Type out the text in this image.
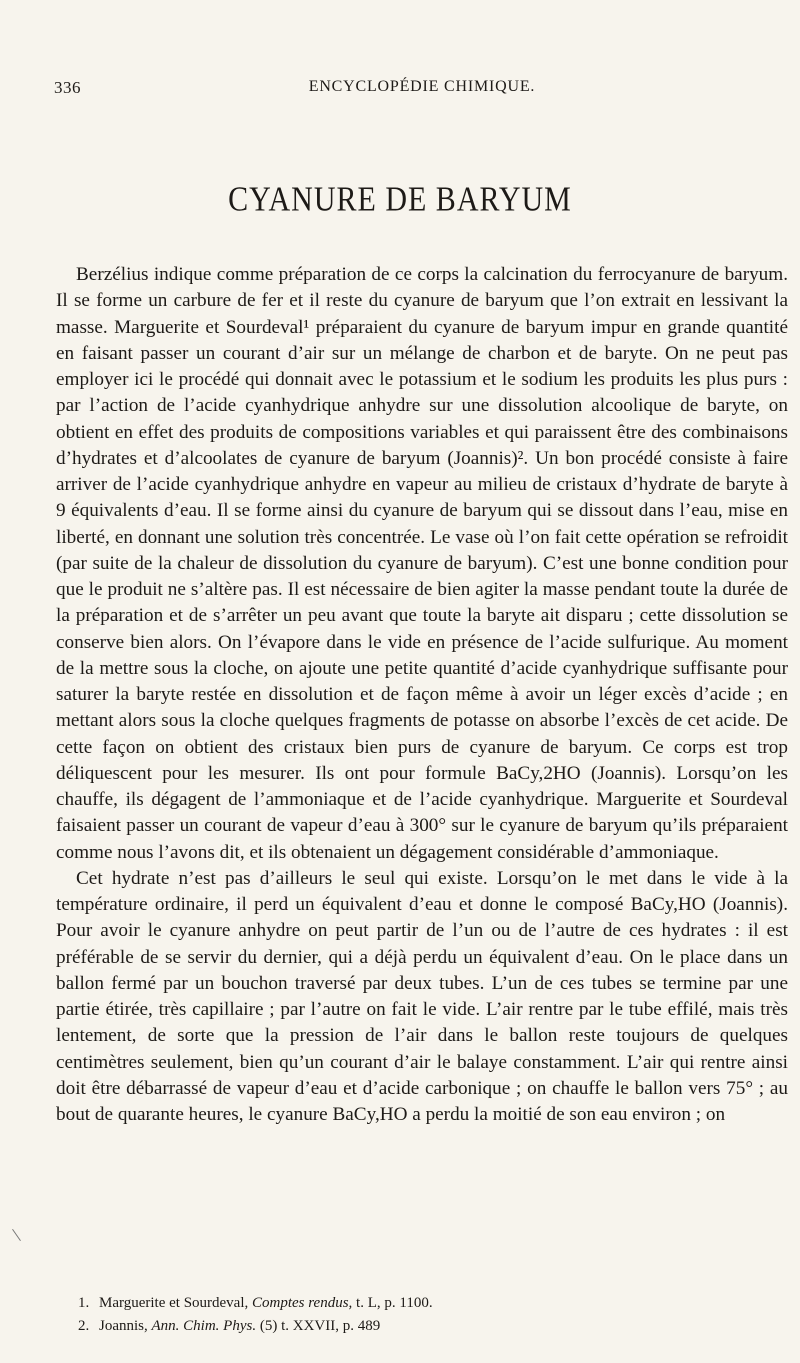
336	ENCYCLOPÉDIE CHIMIQUE.
CYANURE DE BARYUM

Berzélius indique comme préparation de ce corps la calcination du ferrocyanure de baryum. Il se forme un carbure de fer et il reste du cyanure de baryum que l’on extrait en lessivant la masse. Marguerite et Sourdeval¹ préparaient du cyanure de baryum impur en grande quantité en faisant passer un courant d’air sur un mélange de charbon et de baryte. On ne peut pas employer ici le procédé qui donnait avec le potassium et le sodium les produits les plus purs : par l’action de l’acide cyanhydrique anhydre sur une dissolution alcoolique de baryte, on obtient en effet des produits de compositions variables et qui paraissent être des combinaisons d’hydrates et d’alcoolates de cyanure de baryum (Joannis)². Un bon procédé consiste à faire arriver de l’acide cyanhydrique anhydre en vapeur au milieu de cristaux d’hydrate de baryte à 9 équivalents d’eau. Il se forme ainsi du cyanure de baryum qui se dissout dans l’eau, mise en liberté, en donnant une solution très concentrée. Le vase où l’on fait cette opération se refroidit (par suite de la chaleur de dissolution du cyanure de baryum). C’est une bonne condition pour que le produit ne s’altère pas. Il est nécessaire de bien agiter la masse pendant toute la durée de la préparation et de s’arrêter un peu avant que toute la baryte ait disparu ; cette dissolution se conserve bien alors. On l’évapore dans le vide en présence de l’acide sulfurique. Au moment de la mettre sous la cloche, on ajoute une petite quantité d’acide cyanhydrique suffisante pour saturer la baryte restée en dissolution et de façon même à avoir un léger excès d’acide ; en mettant alors sous la cloche quelques fragments de potasse on absorbe l’excès de cet acide. De cette façon on obtient des cristaux bien purs de cyanure de baryum. Ce corps est trop déliquescent pour les mesurer. Ils ont pour formule BaCy,2HO (Joannis). Lorsqu’on les chauffe, ils dégagent de l’ammoniaque et de l’acide cyanhydrique. Marguerite et Sourdeval faisaient passer un courant de vapeur d’eau à 300° sur le cyanure de baryum qu’ils préparaient comme nous l’avons dit, et ils obtenaient un dégagement considérable d’ammoniaque.

Cet hydrate n’est pas d’ailleurs le seul qui existe. Lorsqu’on le met dans le vide à la température ordinaire, il perd un équivalent d’eau et donne le composé BaCy,HO (Joannis). Pour avoir le cyanure anhydre on peut partir de l’un ou de l’autre de ces hydrates : il est préférable de se servir du dernier, qui a déjà perdu un équivalent d’eau. On le place dans un ballon fermé par un bouchon traversé par deux tubes. L’un de ces tubes se termine par une partie étirée, très capillaire ; par l’autre on fait le vide. L’air rentre par le tube effilé, mais très lentement, de sorte que la pression de l’air dans le ballon reste toujours de quelques centimètres seulement, bien qu’un courant d’air le balaye constamment. L’air qui rentre ainsi doit être débarrassé de vapeur d’eau et d’acide carbonique ; on chauffe le ballon vers 75° ; au bout de quarante heures, le cyanure BaCy,HO a perdu la moitié de son eau environ ; on

1. Marguerite et Sourdeval, Comptes rendus, t. L, p. 1100.
2. Joannis, Ann. Chim. Phys. (5) t. XXVII, p. 489
